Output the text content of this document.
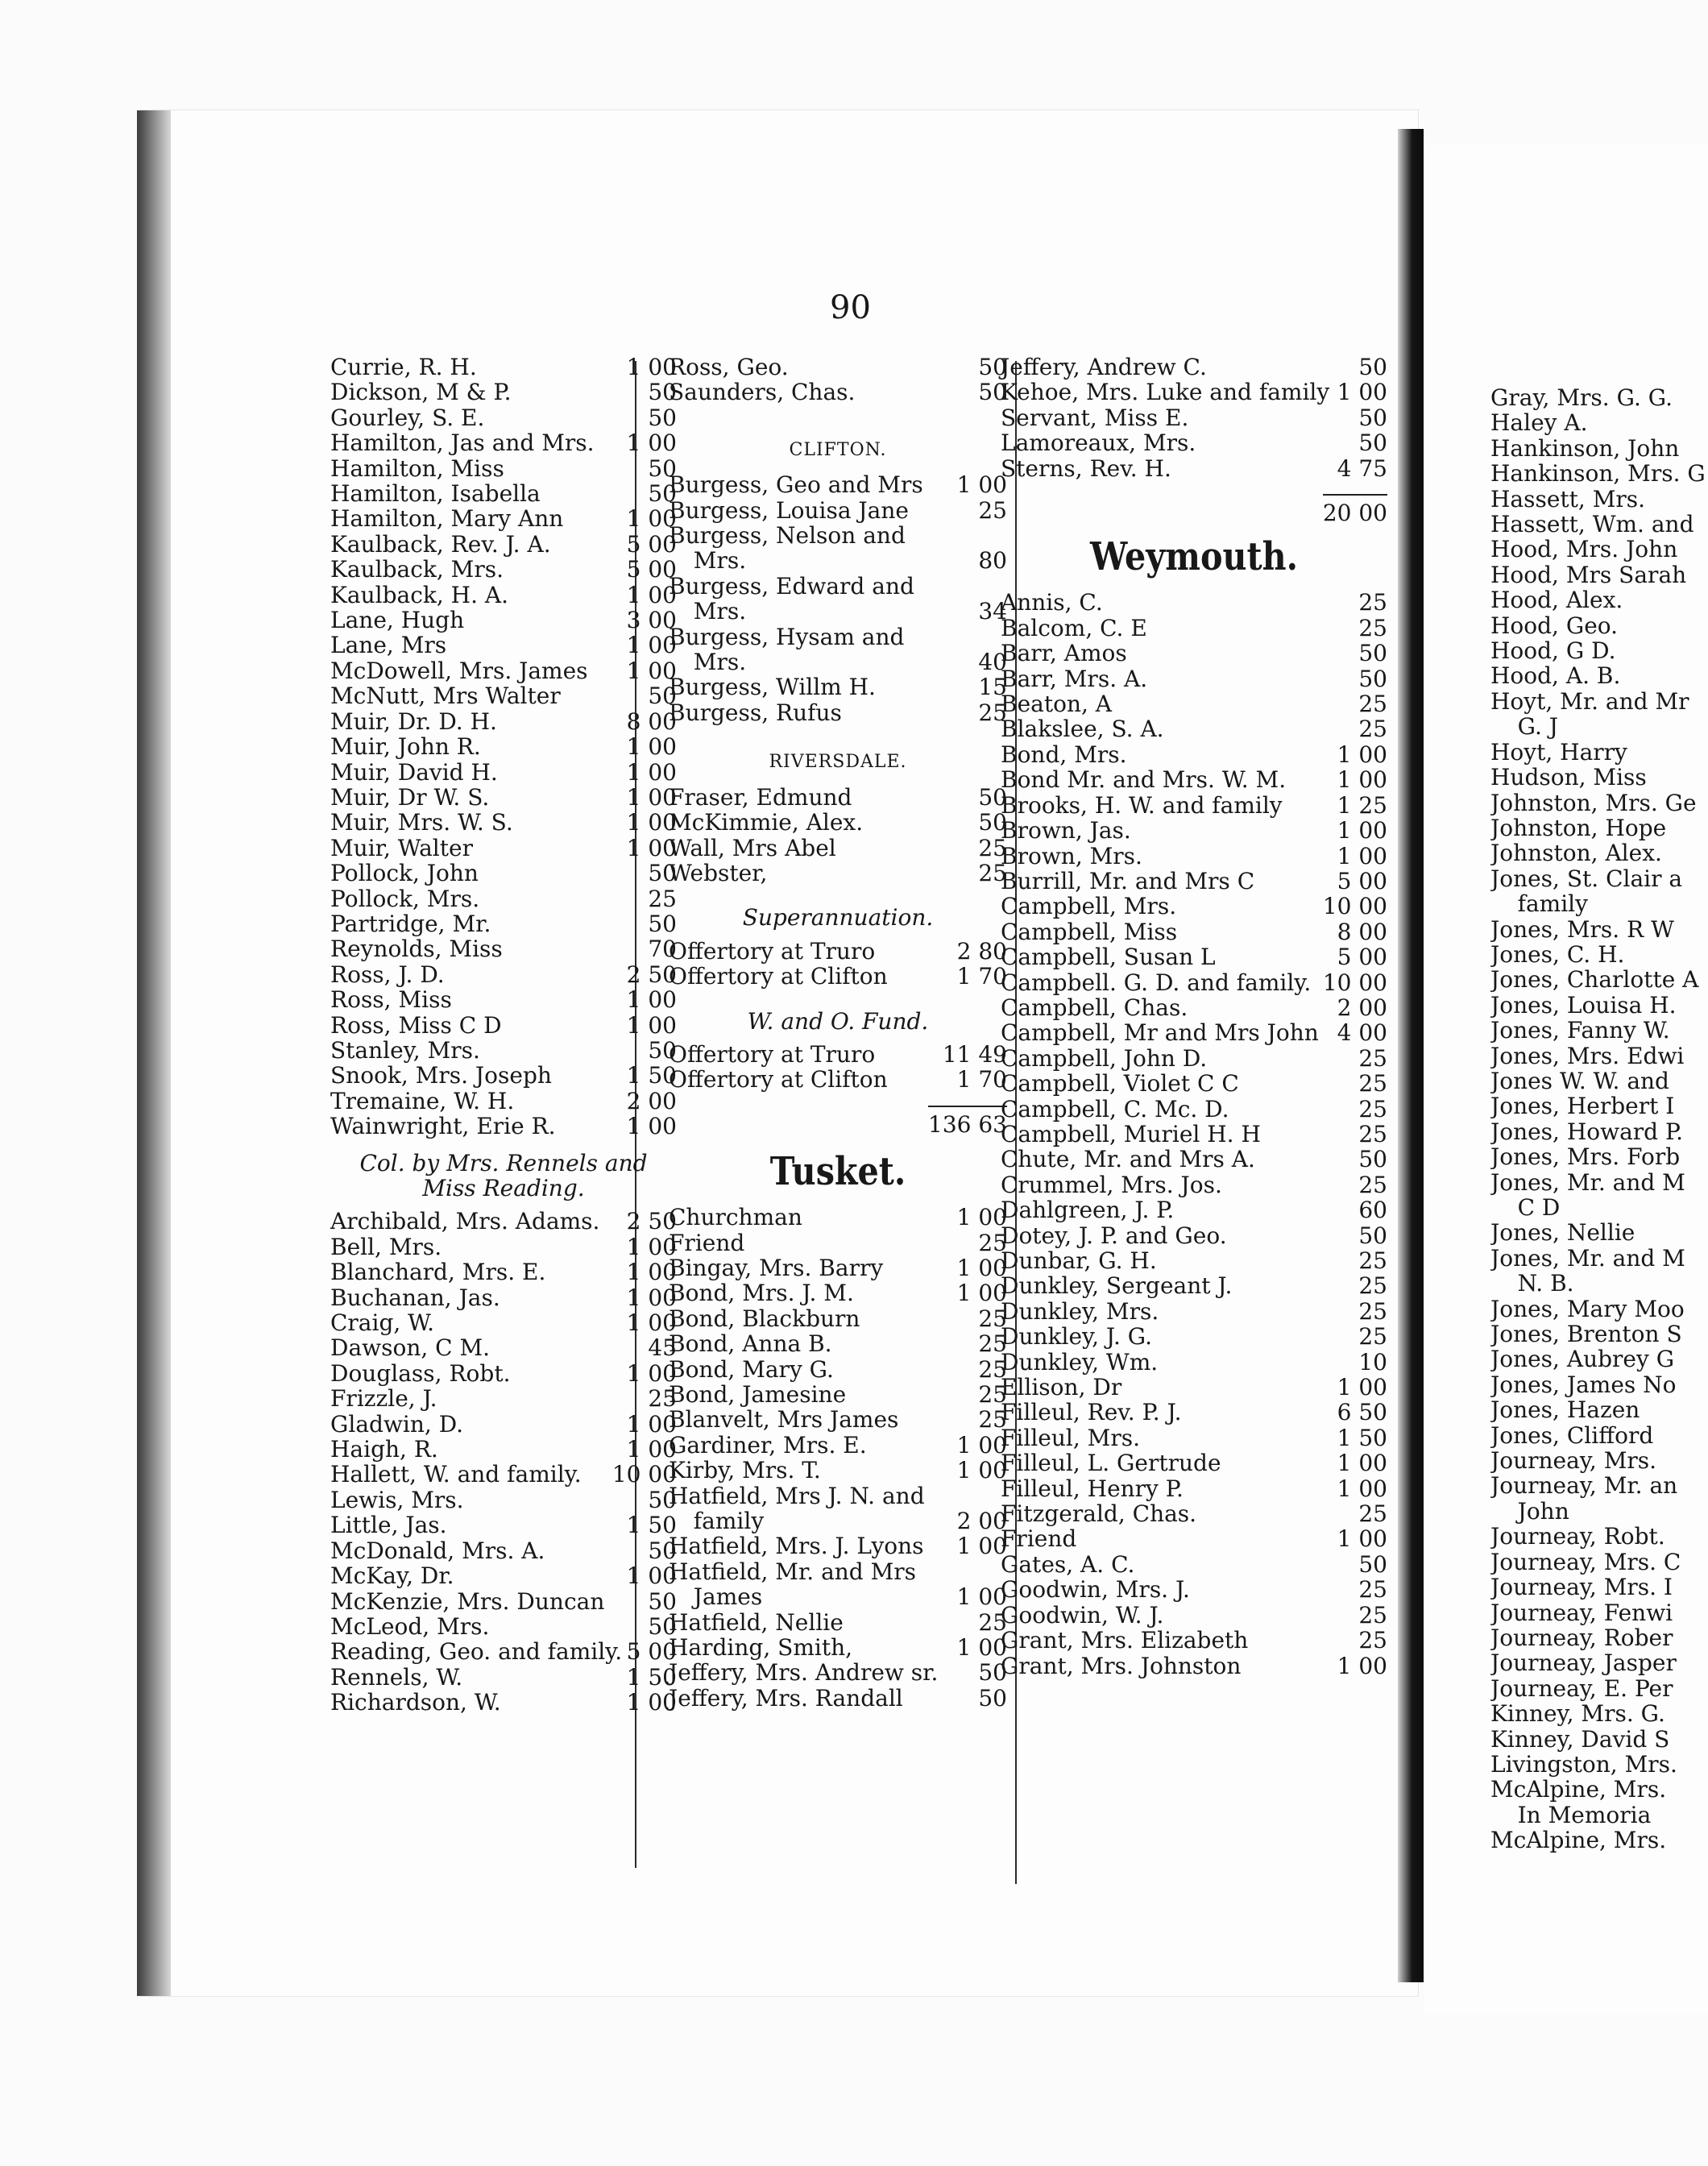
90
Currie, R. H.	1 00
Dickson, M & P.	50
Gourley, S. E.	50
Hamilton, Jas and Mrs.	1 00
Hamilton, Miss	50
Hamilton, Isabella	50
Hamilton, Mary Ann	1 00
Kaulback, Rev. J. A.	5 00
Kaulback, Mrs.	5 00
Kaulback, H. A.	1 00
Lane, Hugh	3 00
Lane, Mrs	1 00
McDowell, Mrs. James	1 00
McNutt, Mrs Walter	50
Muir, Dr. D. H.	8 00
Muir, John R.	1 00
Muir, David H.	1 00
Muir, Dr W. S.	1 00
Muir, Mrs. W. S.	1 00
Muir, Walter	1 00
Pollock, John	50
Pollock, Mrs.	25
Partridge, Mr.	50
Reynolds, Miss	70
Ross, J. D.	2 50
Ross, Miss	1 00
Ross, Miss C D	1 00
Stanley, Mrs.	50
Snook, Mrs. Joseph	1 50
Tremaine, W. H.	2 00
Wainwright, Erie R.	1 00
Col. by Mrs. Rennels and Miss Reading.
Archibald, Mrs. Adams.	2 50
Bell, Mrs.	1 00
Blanchard, Mrs. E.	1 00
Buchanan, Jas.	1 00
Craig, W.	1 00
Dawson, C M.	45
Douglass, Robt.	1 00
Frizzle, J.	25
Gladwin, D.	1 00
Haigh, R.	1 00
Hallett, W. and family.	10 00
Lewis, Mrs.	50
Little, Jas.	1 50
McDonald, Mrs. A.	50
McKay, Dr.	1 00
McKenzie, Mrs. Duncan	50
McLeod, Mrs.	50
Reading, Geo. and family. 5 00
Rennels, W.	1 50
Richardson, W.	1 00
Ross, Geo.	50
Saunders, Chas.	50
CLIFTON.
Burgess, Geo and Mrs	1 00
Burgess, Louisa Jane	25
Burgess, Nelson and Mrs.	80
Burgess, Edward and Mrs.	34
Burgess, Hysam and Mrs.	40
Burgess, Willm H.	15
Burgess, Rufus	25
RIVERSDALE.
Fraser, Edmund	50
McKimmie, Alex.	50
Wall, Mrs Abel	25
Webster,	25
Superannuation.
Offertory at Truro	2 80
Offertory at Clifton	1 70
W. and O. Fund.
Offertory at Truro	11 49
Offertory at Clifton	1 70
136 63
Tusket.
Churchman	1 00
Friend	25
Bingay, Mrs. Barry	1 00
Bond, Mrs. J. M.	1 00
Bond, Blackburn	25
Bond, Anna B.	25
Bond, Mary G.	25
Bond, Jamesine	25
Blanvelt, Mrs James	25
Gardiner, Mrs. E.	1 00
Kirby, Mrs. T.	1 00
Hatfield, Mrs J. N. and family	2 00
Hatfield, Mrs. J. Lyons	1 00
Hatfield, Mr. and Mrs James	1 00
Hatfield, Nellie	25
Harding, Smith,	1 00
Jeffery, Mrs. Andrew sr.	50
Jeffery, Mrs. Randall	50
Jeffery, Andrew C.	50
Kehoe, Mrs. Luke and family 1 00
Servant, Miss E.	50
Lamoreaux, Mrs.	50
Sterns, Rev. H.	4 75
20 00
Weymouth.
Annis, C.	25
Balcom, C. E	25
Barr, Amos	50
Barr, Mrs. A.	50
Beaton, A	25
Blakslee, S. A.	25
Bond, Mrs.	1 00
Bond Mr. and Mrs. W. M.	1 00
Brooks, H. W. and family	1 25
Brown, Jas.	1 00
Brown, Mrs.	1 00
Burrill, Mr. and Mrs C	5 00
Campbell, Mrs.	10 00
Campbell, Miss	8 00
Campbell, Susan L	5 00
Campbell. G. D. and family. 10 00
Campbell, Chas.	2 00
Campbell, Mr and Mrs John 4 00
Campbell, John D.	25
Campbell, Violet C C	25
Campbell, C. Mc. D.	25
Campbell, Muriel H. H	25
Chute, Mr. and Mrs A.	50
Crummel, Mrs. Jos.	25
Dahlgreen, J. P.	60
Dotey, J. P. and Geo.	50
Dunbar, G. H.	25
Dunkley, Sergeant J.	25
Dunkley, Mrs.	25
Dunkley, J. G.	25
Dunkley, Wm.	10
Ellison, Dr	1 00
Filleul, Rev. P. J.	6 50
Filleul, Mrs.	1 50
Filleul, L. Gertrude	1 00
Filleul, Henry P.	1 00
Fitzgerald, Chas.	25
Friend	1 00
Gates, A. C.	50
Goodwin, Mrs. J.	25
Goodwin, W. J.	25
Grant, Mrs. Elizabeth	25
Grant, Mrs. Johnston	1 00
Gray, Mrs. G. G.
Haley A.
Hankinson, John
Hankinson, Mrs. G
Hassett, Mrs.
Hassett, Wm. and
Hood, Mrs. John
Hood, Mrs Sarah
Hood, Alex.
Hood, Geo.
Hood, G D.
Hood, A. B.
Hoyt, Mr. and Mr
G. J
Hoyt, Harry
Hudson, Miss
Johnston, Mrs. Ge
Johnston, Hope
Johnston, Alex.
Jones, St. Clair a
family
Jones, Mrs. R W
Jones, C. H.
Jones, Charlotte A
Jones, Louisa H.
Jones, Fanny W.
Jones, Mrs. Edwi
Jones W. W. and
Jones, Herbert I
Jones, Howard P.
Jones, Mrs. Forb
Jones, Mr. and M
C D
Jones, Nellie
Jones, Mr. and M
N. B.
Jones, Mary Moo
Jones, Brenton S
Jones, Aubrey G
Jones, James No
Jones, Hazen
Jones, Clifford
Journeay, Mrs.
Journeay, Mr. an
John
Journeay, Robt.
Journeay, Mrs. C
Journeay, Mrs. I
Journeay, Fenwi
Journeay, Rober
Journeay, Jasper
Journeay, E. Per
Kinney, Mrs. G.
Kinney, David S
Livingston, Mrs.
McAlpine, Mrs.
In Memoria
McAlpine, Mrs.
